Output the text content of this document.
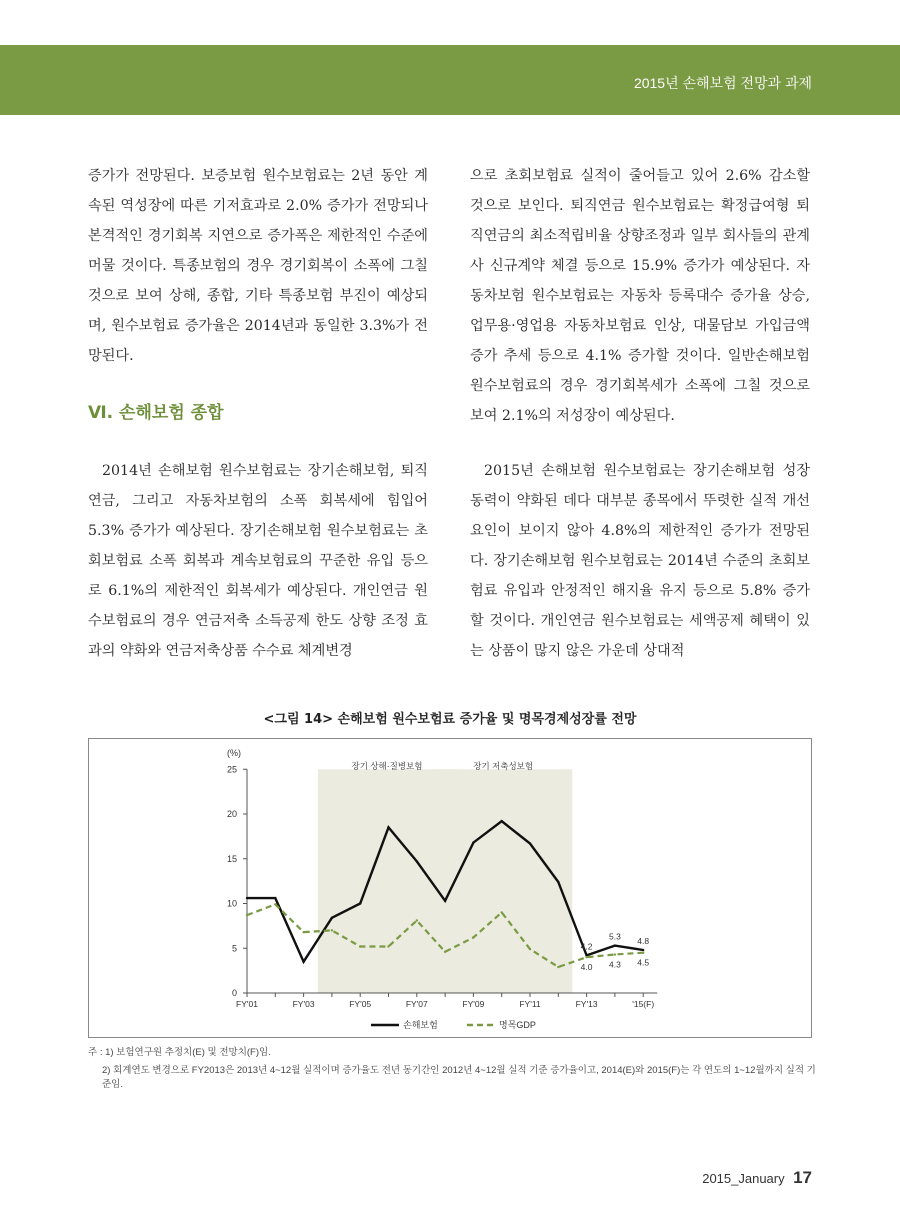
2015년 손해보험 전망과 과제

증가가 전망된다. 보증보험 원수보험료는 2년 동안 계속된 역성장에 따른 기저효과로 2.0% 증가가 전망되나 본격적인 경기회복 지연으로 증가폭은 제한적인 수준에 머물 것이다. 특종보험의 경우 경기회복이 소폭에 그칠 것으로 보여 상해, 종합, 기타 특종보험 부진이 예상되며, 원수보험료 증가율은 2014년과 동일한 3.3%가 전망된다.

Ⅵ. 손해보험 종합

2014년 손해보험 원수보험료는 장기손해보험, 퇴직연금, 그리고 자동차보험의 소폭 회복세에 힘입어 5.3% 증가가 예상된다. 장기손해보험 원수보험료는 초회보험료 소폭 회복과 계속보험료의 꾸준한 유입 등으로 6.1%의 제한적인 회복세가 예상된다. 개인연금 원수보험료의 경우 연금저축 소득공제 한도 상향 조정 효과의 약화와 연금저축상품 수수료 체계변경

으로 초회보험료 실적이 줄어들고 있어 2.6% 감소할 것으로 보인다. 퇴직연금 원수보험료는 확정급여형 퇴직연금의 최소적립비율 상향조정과 일부 회사들의 관계사 신규계약 체결 등으로 15.9% 증가가 예상된다. 자동차보험 원수보험료는 자동차 등록대수 증가율 상승, 업무용·영업용 자동차보험료 인상, 대물담보 가입금액 증가 추세 등으로 4.1% 증가할 것이다. 일반손해보험 원수보험료의 경우 경기회복세가 소폭에 그칠 것으로 보여 2.1%의 저성장이 예상된다.

2015년 손해보험 원수보험료는 장기손해보험 성장 동력이 약화된 데다 대부분 종목에서 뚜렷한 실적 개선 요인이 보이지 않아 4.8%의 제한적인 증가가 전망된다. 장기손해보험 원수보험료는 2014년 수준의 초회보험료 유입과 안정적인 해지율 유지 등으로 5.8% 증가할 것이다. 개인연금 원수보험료는 세액공제 혜택이 있는 상품이 많지 않은 가운데 상대적

<그림 14> 손해보험 원수보험료 증가율 및 명목경제성장률 전망
장기 상해·질병보험	장기 저축성보험
0
5
10
15
20
25
(%)
FY'01	FY'03	FY'05	FY'07	FY'09	FY'11	FY'13	'15(F)
4.2
5.3 4.8
4.0 4.3 4.5
손해보험	명목GDP
주 : 1) 보험연구원 추정치(E) 및 전망치(F)임.
2) 회계연도 변경으로 FY2013은 2013년 4~12월 실적이며 증가율도 전년 동기간인 2012년 4~12월 실적 기준 증가율이고, 2014(E)와 2015(F)는 각 연도의 1~12월까지 실적 기준임.
2015_January 17
